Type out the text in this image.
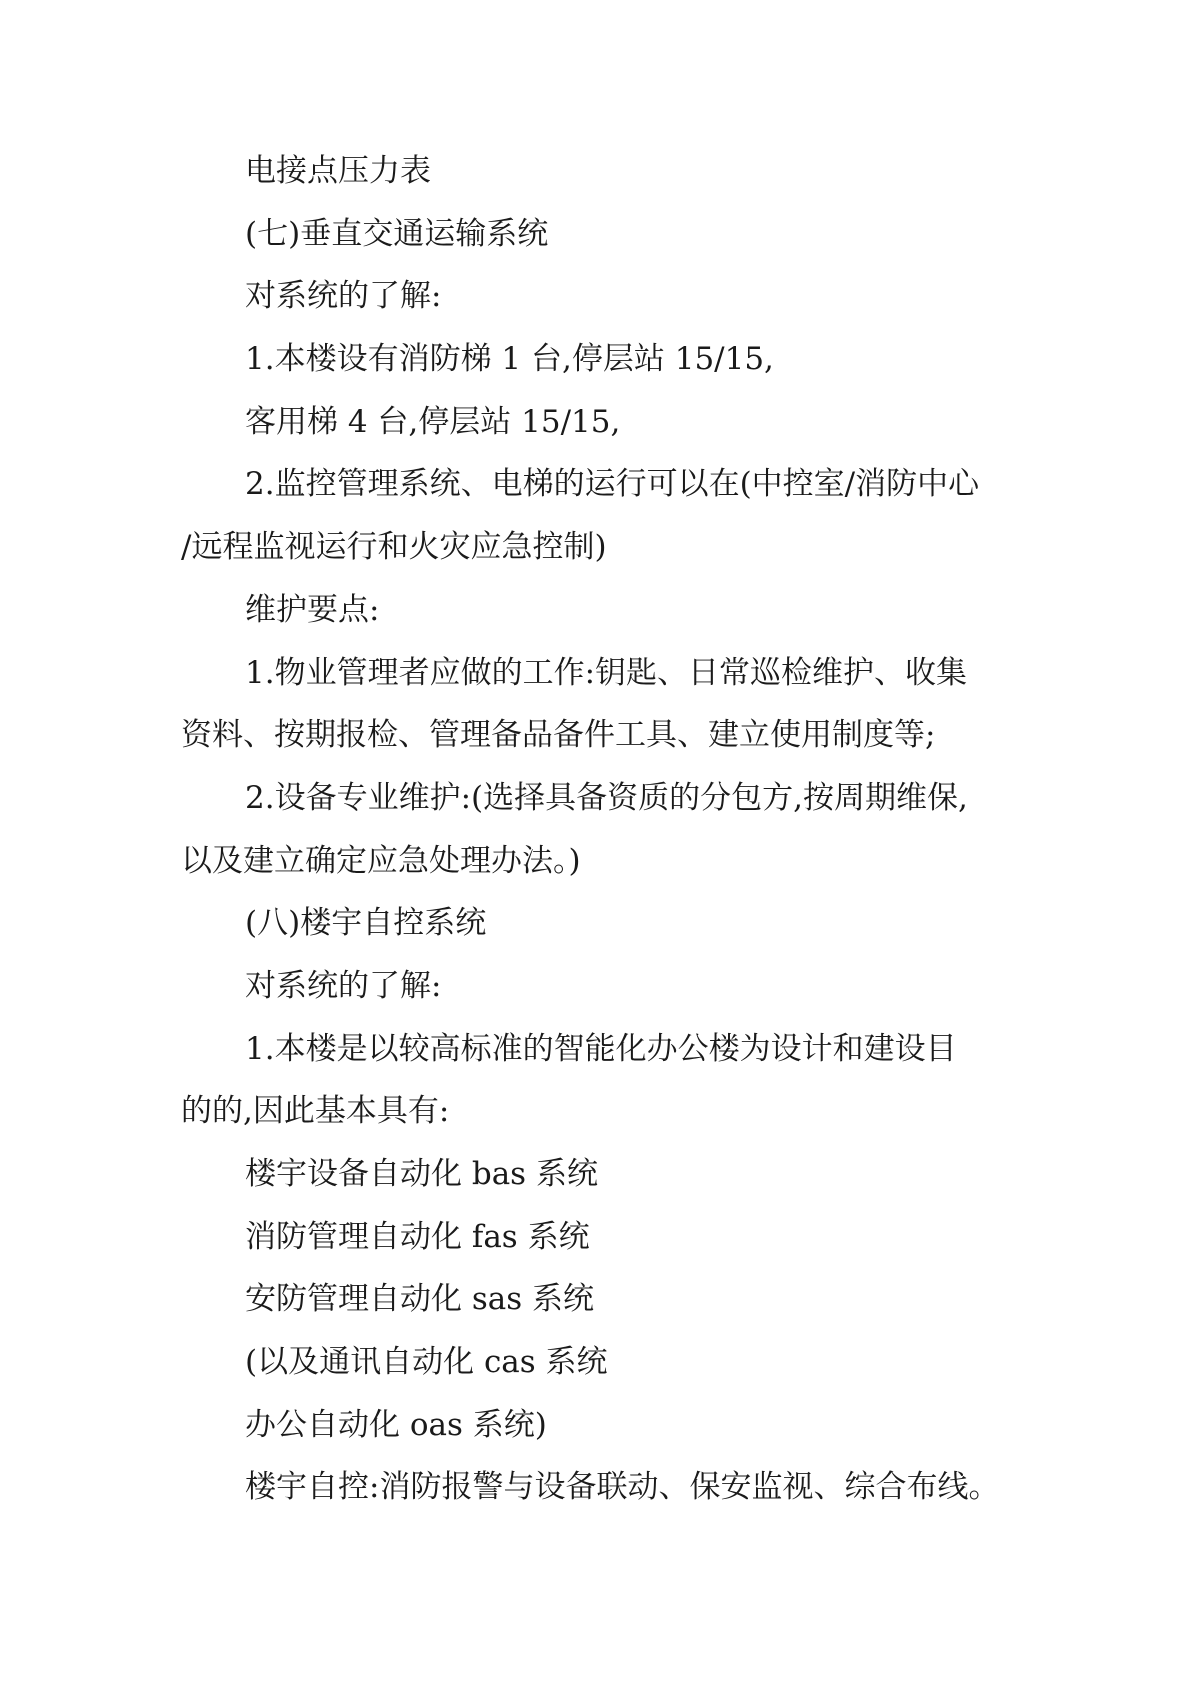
电接点压力表
(七)垂直交通运输系统
对系统的了解:
1.本楼设有消防梯 1 台,停层站 15/15,
客用梯 4 台,停层站 15/15,
2.监控管理系统、电梯的运行可以在(中控室/消防中心
/远程监视运行和火灾应急控制)
维护要点:
1.物业管理者应做的工作:钥匙、日常巡检维护、收集
资料、按期报检、管理备品备件工具、建立使用制度等;
2.设备专业维护:(选择具备资质的分包方,按周期维保,
以及建立确定应急处理办法。)
(八)楼宇自控系统
对系统的了解:
1.本楼是以较高标准的智能化办公楼为设计和建设目
的的,因此基本具有:
楼宇设备自动化 bas 系统
消防管理自动化 fas 系统
安防管理自动化 sas 系统
(以及通讯自动化 cas 系统
办公自动化 oas 系统)
楼宇自控:消防报警与设备联动、保安监视、综合布线。
